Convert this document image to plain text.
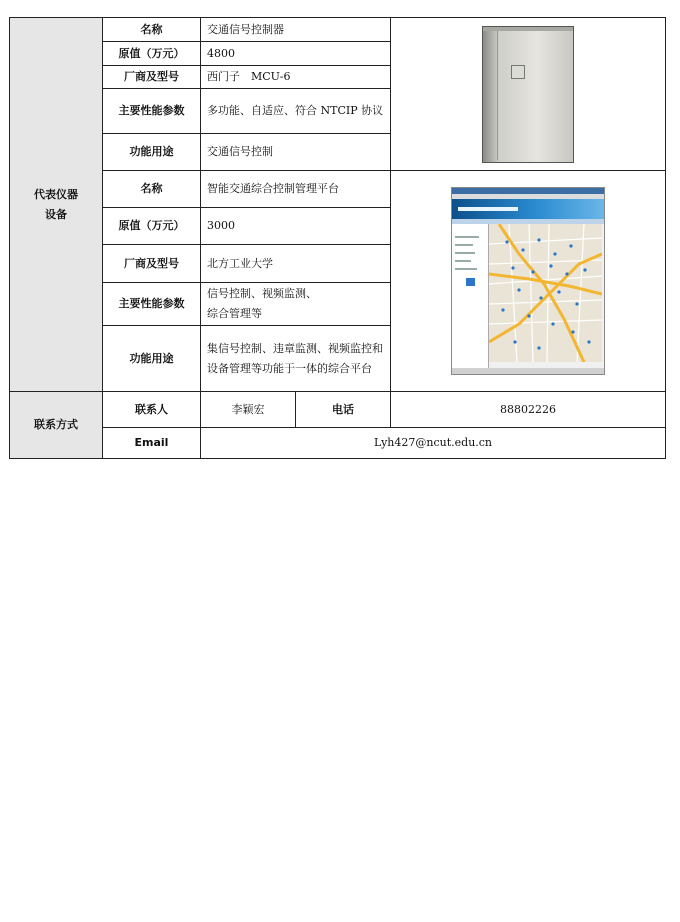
代表仪器
设备	名称	交通信号控制器		

	原值（万元）	4800		
	厂商及型号	西门子　MCU-6		
	主要性能参数	多功能、自适应、符合 NTCIP 协议		
	功能用途	交通信号控制		
	名称	智能交通综合控制管理平台	

	原值（万元）	3000		
	厂商及型号	北方工业大学		
	主要性能参数	信号控制、视频监测、
综合管理等		

	功能用途	集信号控制、违章监测、视频监控和设备管理等功能于一体的综合平台		
联系方式	联系人	李颖宏	电话	88802226
	Email	Lyh427@ncut.edu.cn		
